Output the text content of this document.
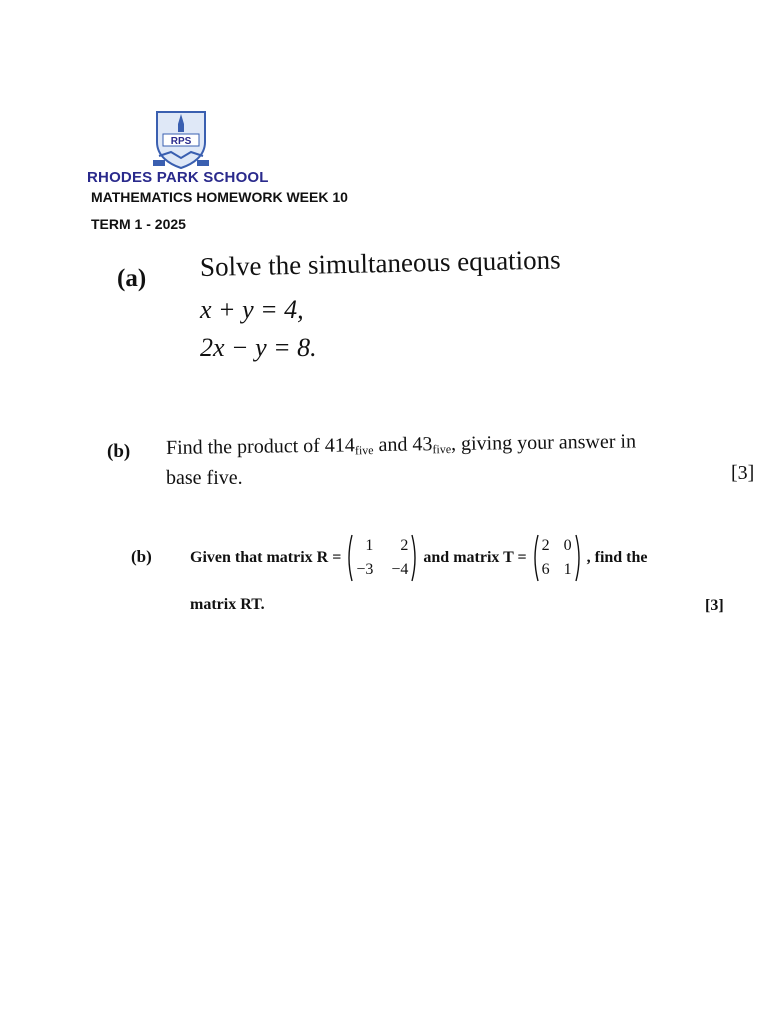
RPS
RHODES PARK SCHOOL
MATHEMATICS HOMEWORK WEEK 10
TERM 1 - 2025
(a) Solve the simultaneous equations
x + y = 4,
2x − y = 8.
(b) Find the product of $414_{five}$ and $43_{five}$, giving your answer in
base five.	[3]
(b) Given that matrix R =
1	2
−3 −4
and matrix T =
2 0
6 1
, find the
matrix RT.	[3]
